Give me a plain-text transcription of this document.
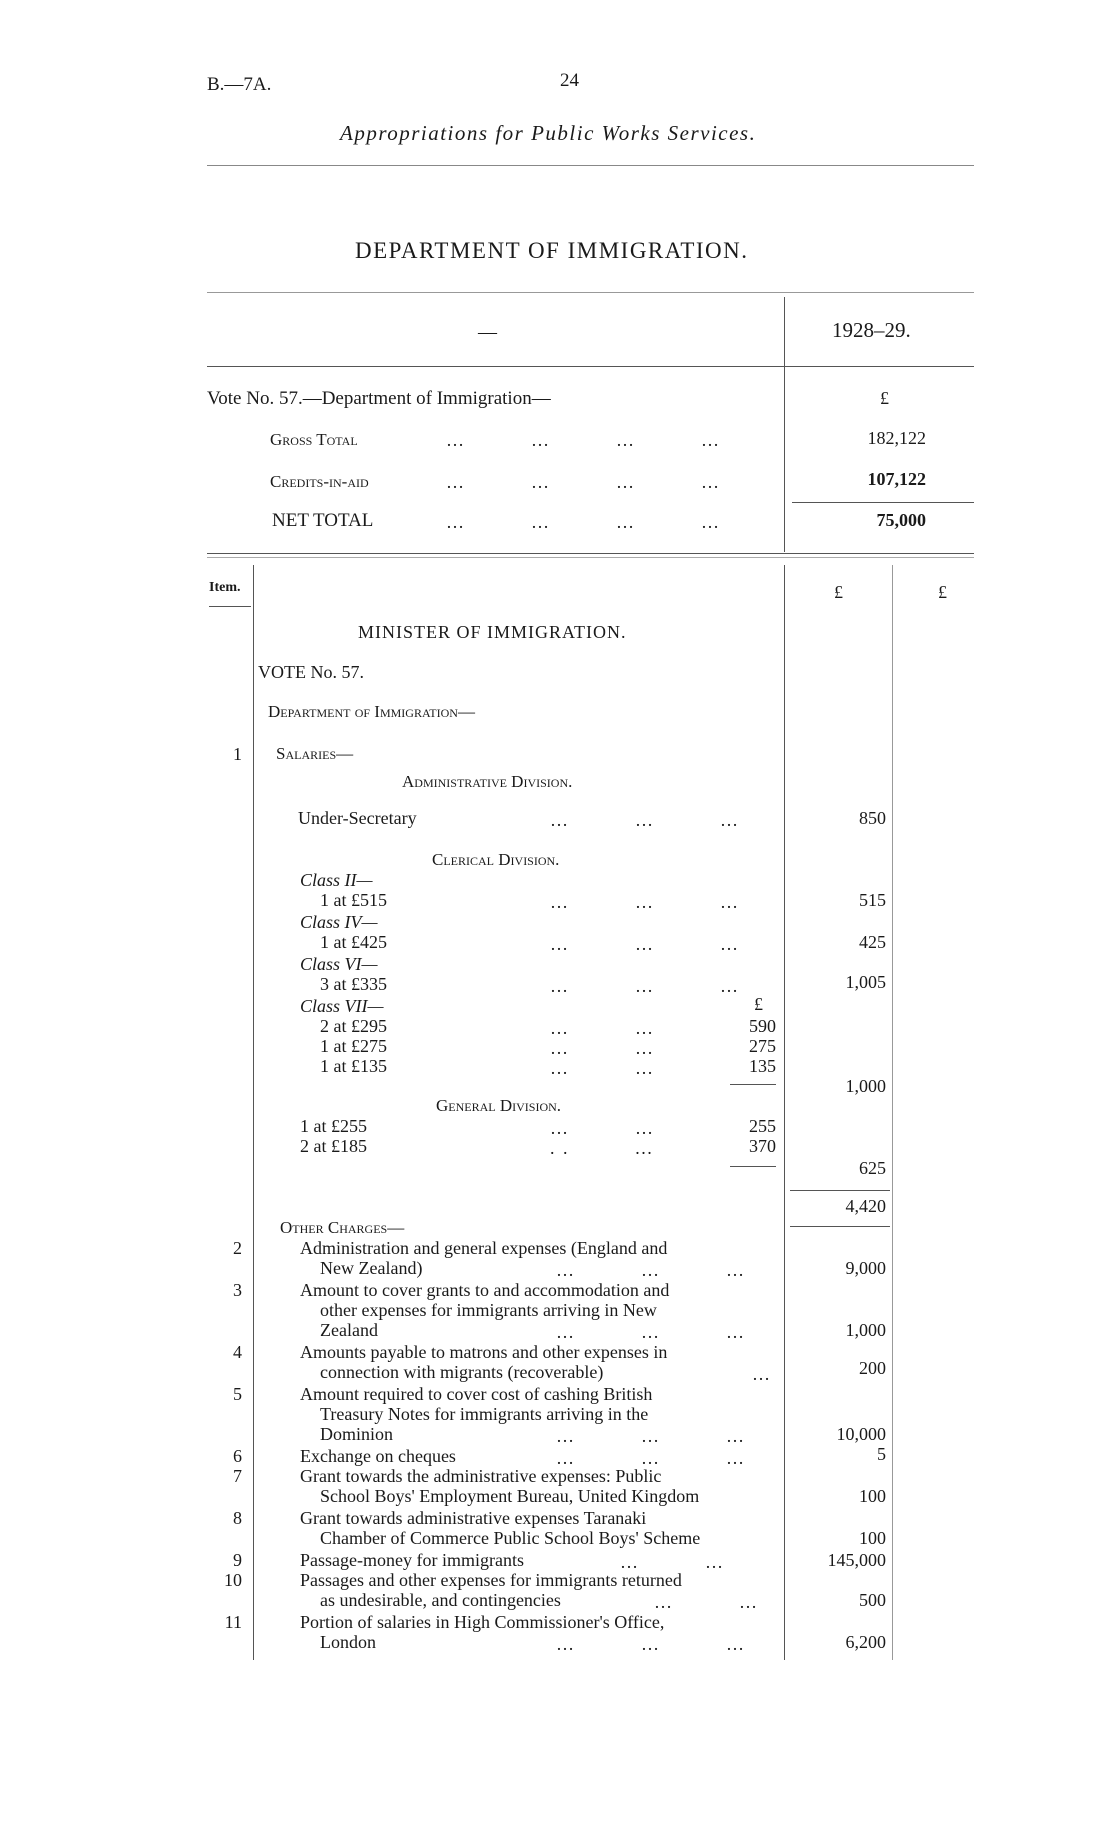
B.—7A.	24
Appropriations for Public Works Services.
DEPARTMENT OF IMMIGRATION.
—	1928–29.
Vote No. 57.—Department of Immigration—	£
Gross Total	…          …          …          …	182,122
Credits-in-aid	…          …          …          …	107,122
NET TOTAL	…          …          …          …	75,000
Item.	£	£
MINISTER OF IMMIGRATION.
VOTE No. 57.
Department of Immigration—
1 Salaries—
Administrative Division.
Under-Secretary	…          …          …	850
Clerical Division.
Class II—
1 at £515	…          …          …	515
Class IV—
1 at £425	…          …          …	425
Class VI—
3 at £335	…          …          …	1,005
Class VII—	£
2 at £295	…          …	590
1 at £275	…          …	275
1 at £135	…          …	135
1,000
General Division.
1 at £255	…          …	255
2 at £185	. .          …	370
625
4,420
Other Charges—
2	Administration and general expenses (England and
New Zealand)	…          …          …	9,000
3	Amount to cover grants to and accommodation and
other expenses for immigrants arriving in New
Zealand	…          …          …	1,000
4	Amounts payable to matrons and other expenses in
connection with migrants (recoverable)	…	200
5	Amount required to cover cost of cashing British
Treasury Notes for immigrants arriving in the
Dominion	…          …          …	10,000
6	Exchange on cheques	…          …          …	5
7	Grant towards the administrative expenses: Public
School Boys' Employment Bureau, United Kingdom	100
8	Grant towards administrative expenses Taranaki
Chamber of Commerce Public School Boys' Scheme	100
9	Passage-money for immigrants	…          …	145,000
10	Passages and other expenses for immigrants returned
as undesirable, and contingencies	…          …	500
11	Portion of salaries in High Commissioner's Office,
London	…          …          …	6,200
